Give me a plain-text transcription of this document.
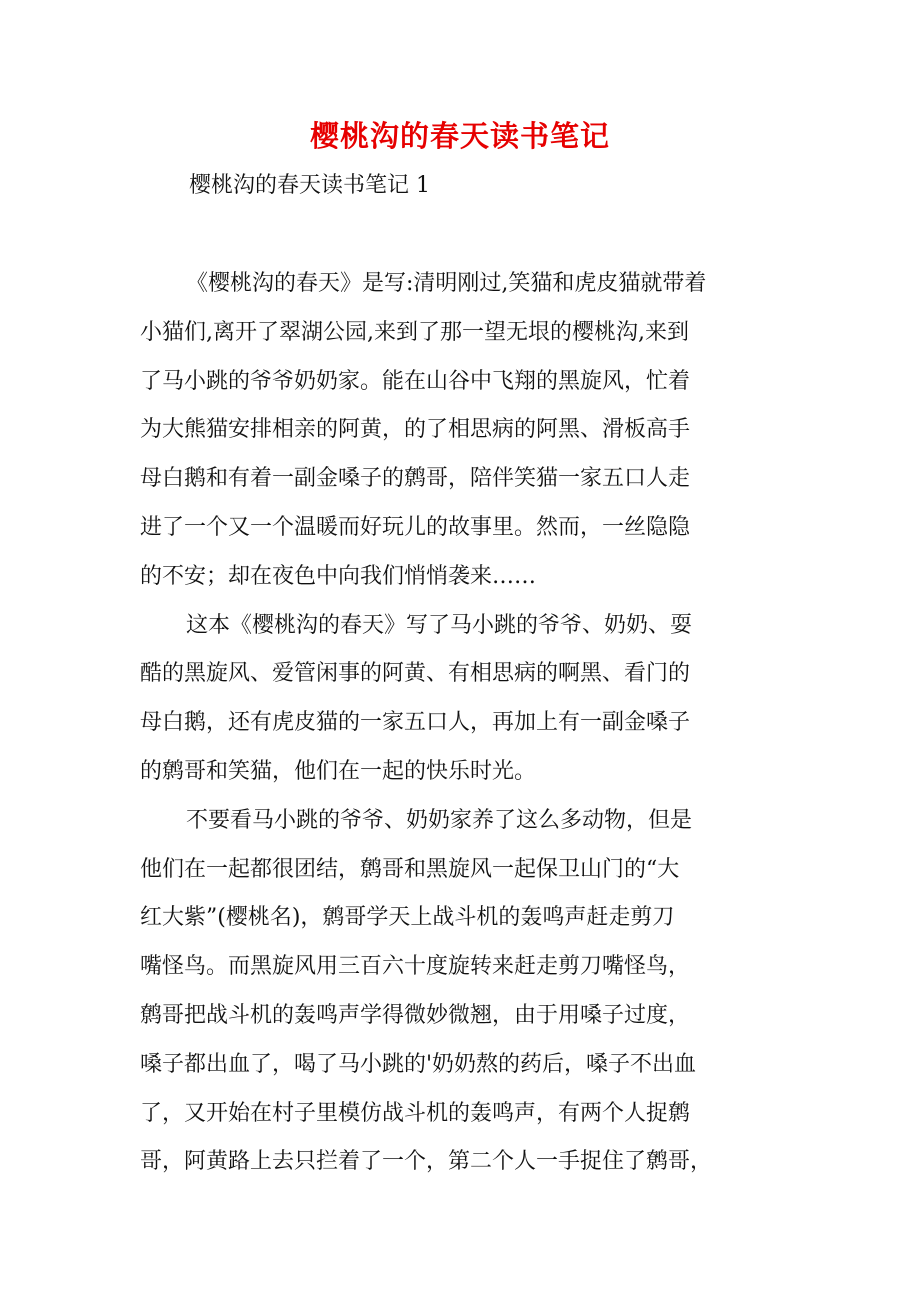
樱桃沟的春天读书笔记
樱桃沟的春天读书笔记 1
《樱桃沟的春天》是写:清明刚过,笑猫和虎皮猫就带着
小猫们,离开了翠湖公园,来到了那一望无垠的樱桃沟,来到
了马小跳的爷爷奶奶家。能在山谷中飞翔的黑旋风，忙着
为大熊猫安排相亲的阿黄，的了相思病的阿黑、滑板高手
母白鹅和有着一副金嗓子的鹩哥，陪伴笑猫一家五口人走
进了一个又一个温暖而好玩儿的故事里。然而，一丝隐隐
的不安；却在夜色中向我们悄悄袭来……
这本《樱桃沟的春天》写了马小跳的爷爷、奶奶、耍
酷的黑旋风、爱管闲事的阿黄、有相思病的啊黑、看门的
母白鹅，还有虎皮猫的一家五口人，再加上有一副金嗓子
的鹩哥和笑猫，他们在一起的快乐时光。
不要看马小跳的爷爷、奶奶家养了这么多动物，但是
他们在一起都很团结，鹩哥和黑旋风一起保卫山门的“大
红大紫”(樱桃名)，鹩哥学天上战斗机的轰鸣声赶走剪刀
嘴怪鸟。而黑旋风用三百六十度旋转来赶走剪刀嘴怪鸟，
鹩哥把战斗机的轰鸣声学得微妙微翘，由于用嗓子过度，
嗓子都出血了，喝了马小跳的'奶奶熬的药后，嗓子不出血
了，又开始在村子里模仿战斗机的轰鸣声，有两个人捉鹩
哥，阿黄路上去只拦着了一个，第二个人一手捉住了鹩哥，
